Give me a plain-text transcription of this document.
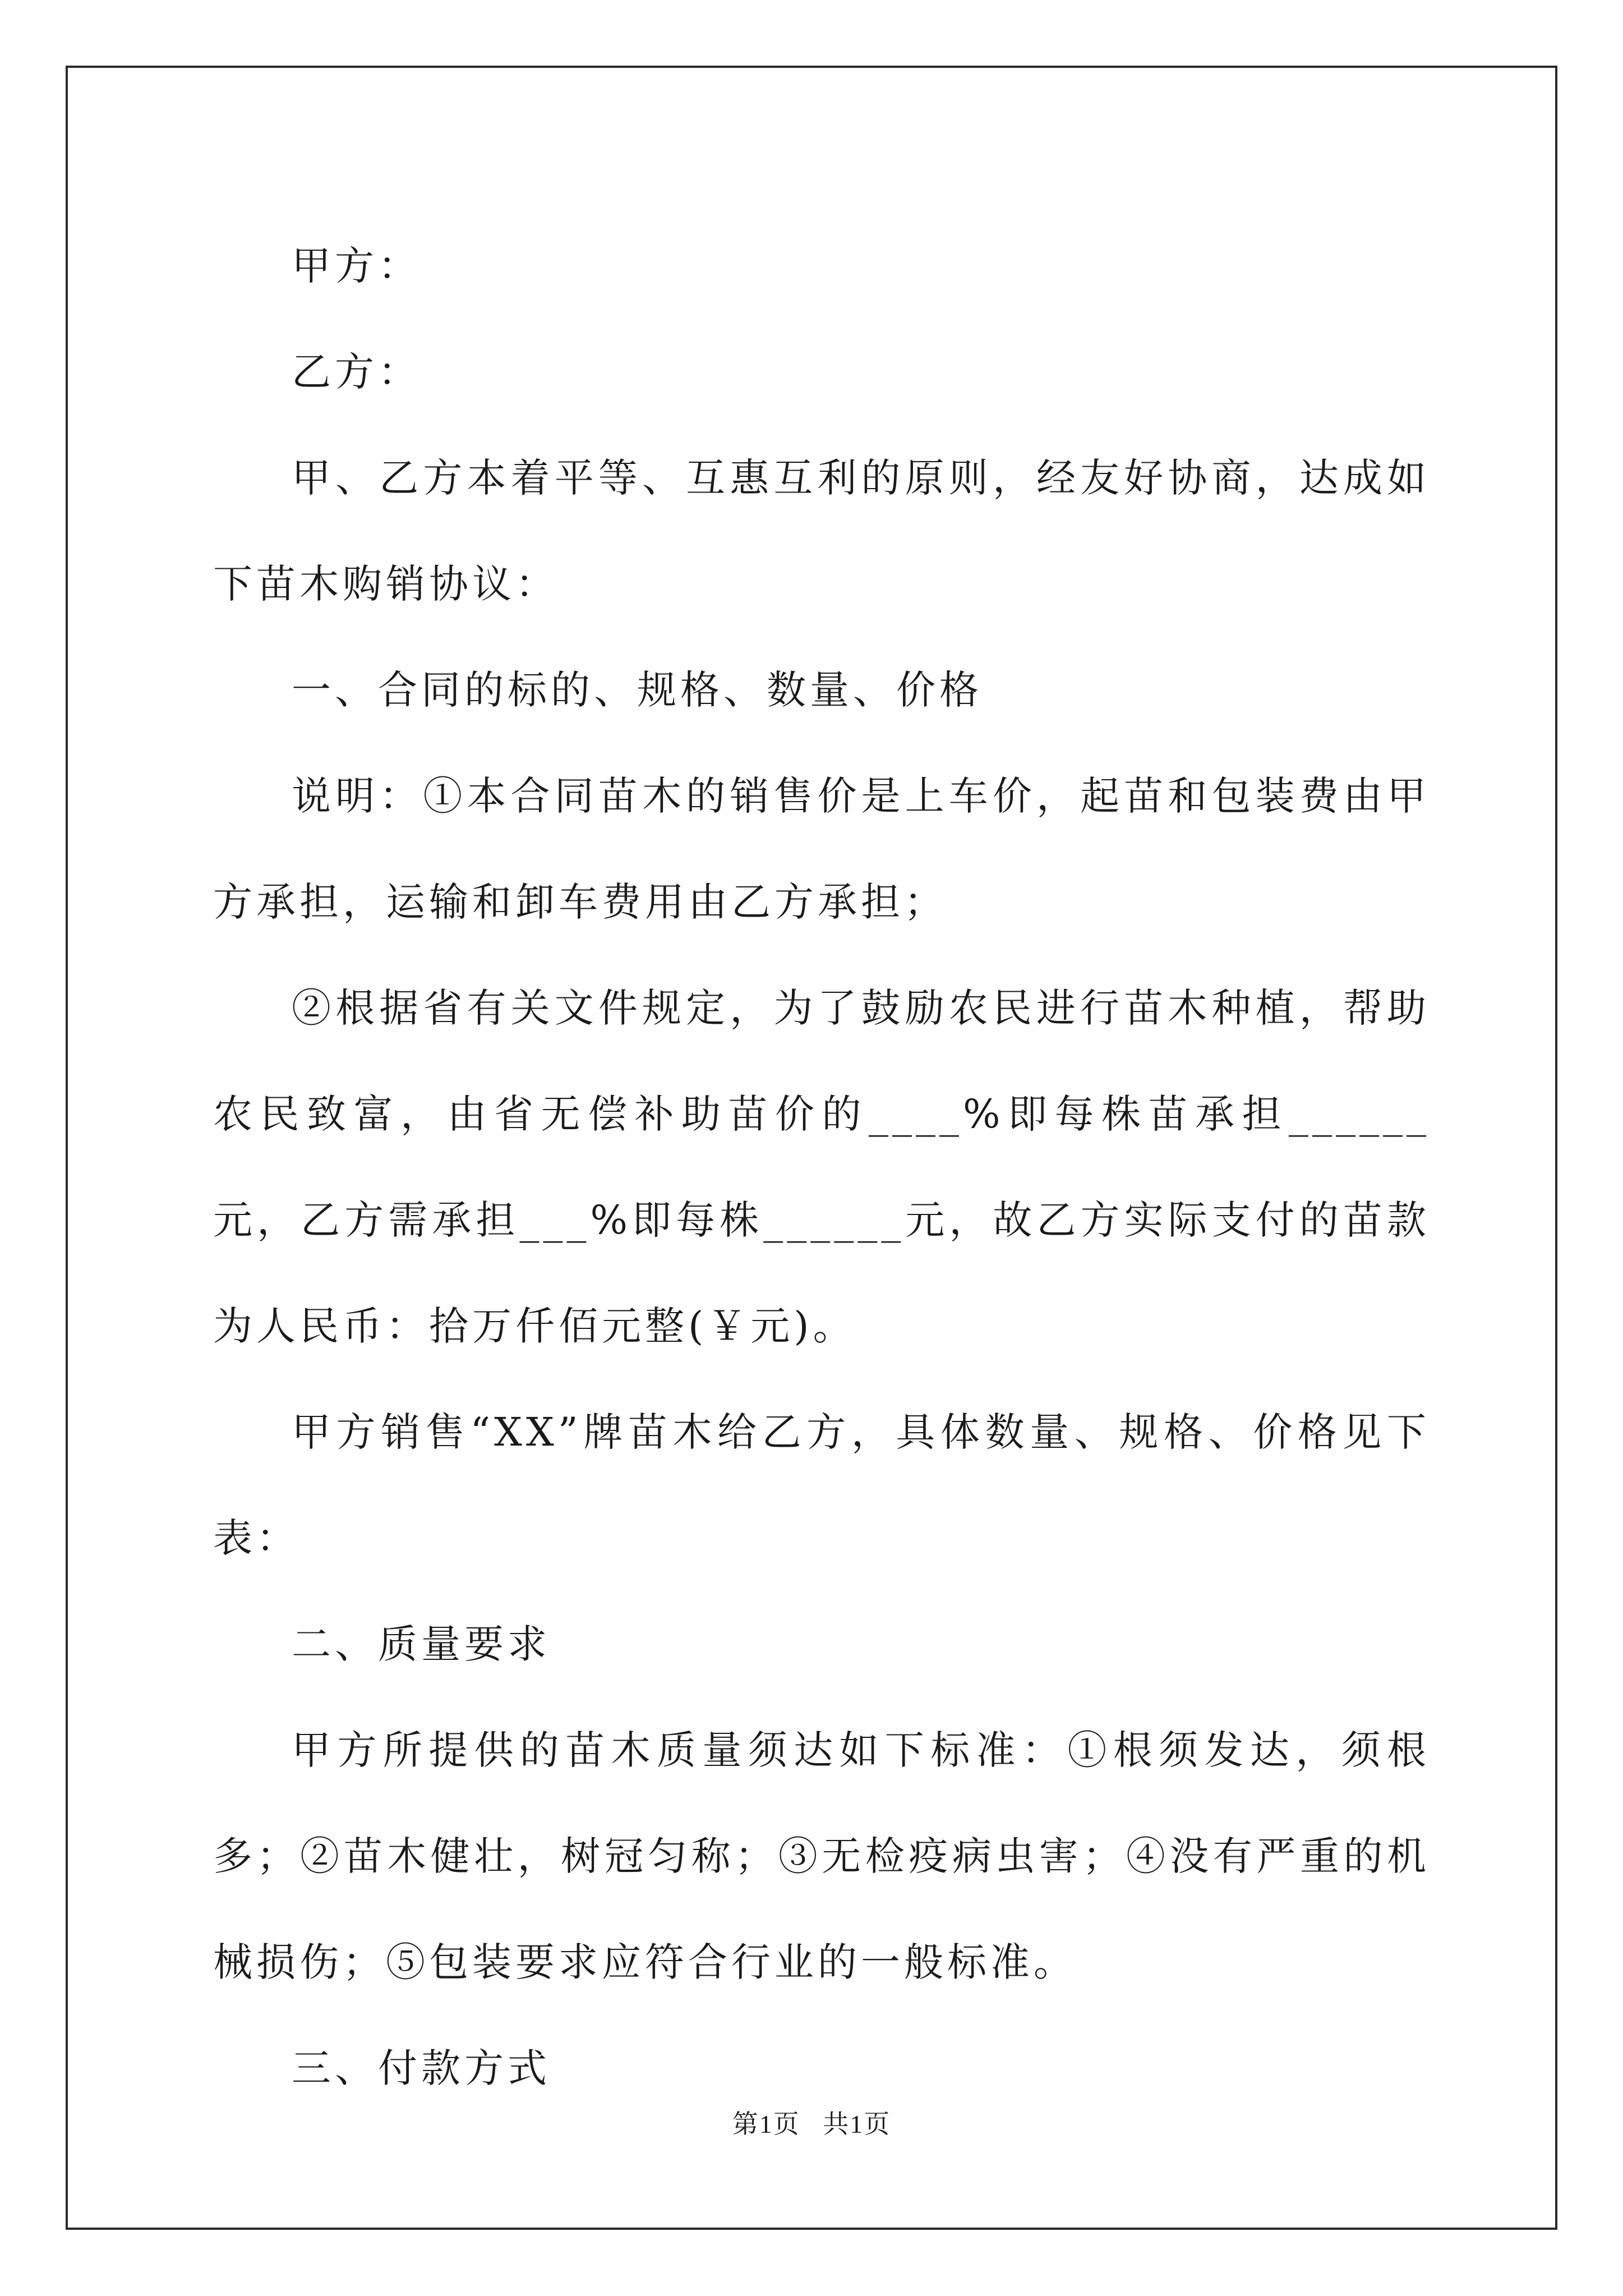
甲方：

乙方：

甲、乙方本着平等、互惠互利的原则，经友好协商，达成如下苗木购销协议：

一、合同的标的、规格、数量、价格

说明：①本合同苗木的销售价是上车价，起苗和包装费由甲方承担，运输和卸车费用由乙方承担；

②根据省有关文件规定，为了鼓励农民进行苗木种植，帮助农民致富，由省无偿补助苗价的____%即每株苗承担______元，乙方需承担___%即每株______元，故乙方实际支付的苗款为人民币：拾万仟佰元整(￥元)。

甲方销售“XX”牌苗木给乙方，具体数量、规格、价格见下表：

二、质量要求

甲方所提供的苗木质量须达如下标准：①根须发达，须根多；②苗木健壮，树冠匀称；③无检疫病虫害；④没有严重的机械损伤；⑤包装要求应符合行业的一般标准。

三、付款方式

第1页   共1页
